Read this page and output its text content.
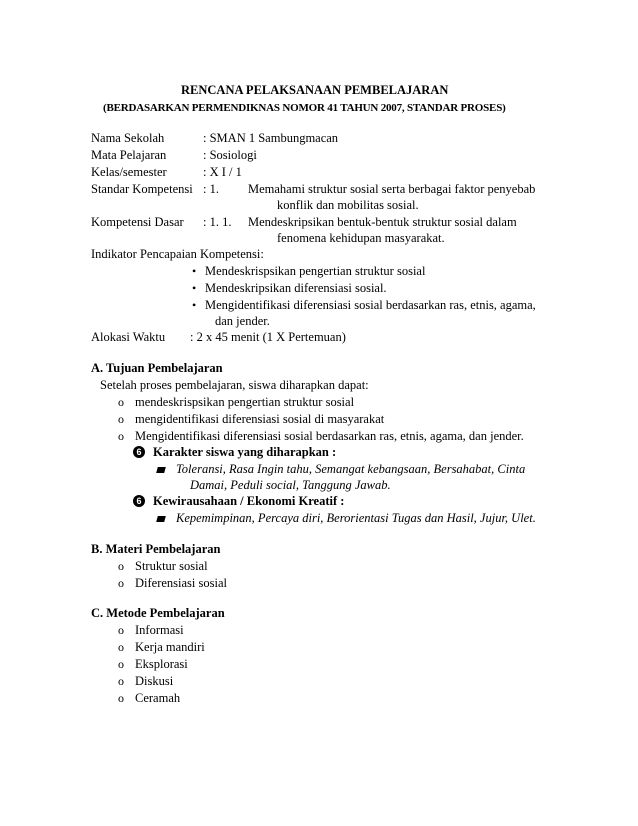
RENCANA PELAKSANAAN PEMBELAJARAN
(BERDASARKAN PERMENDIKNAS NOMOR 41 TAHUN 2007, STANDAR PROSES)
Nama Sekolah	: SMAN 1 Sambungmacan
Mata Pelajaran	: Sosiologi
Kelas/semester	: X I / 1
Standar Kompetensi : 1. Memahami struktur sosial serta berbagai faktor penyebab
konflik dan mobilitas sosial.
Kompetensi Dasar : 1. 1. Mendeskripsikan bentuk-bentuk struktur sosial dalam
fenomena kehidupan masyarakat.
Indikator Pencapaian Kompetensi:
• Mendeskrispsikan pengertian struktur sosial
• Mendeskripsikan diferensiasi sosial.
• Mengidentifikasi diferensiasi sosial berdasarkan ras, etnis, agama,
dan jender.
Alokasi Waktu : 2 x 45 menit (1 X Pertemuan)
A. Tujuan Pembelajaran
Setelah proses pembelajaran, siswa diharapkan dapat:
o mendeskrispsikan pengertian struktur sosial
o mengidentifikasi diferensiasi sosial di masyarakat
o Mengidentifikasi diferensiasi sosial berdasarkan ras, etnis, agama, dan jender.
6 Karakter siswa yang diharapkan :
Toleransi, Rasa Ingin tahu, Semangat kebangsaan, Bersahabat, Cinta
Damai, Peduli social, Tanggung Jawab.
6 Kewirausahaan / Ekonomi Kreatif :
Kepemimpinan, Percaya diri, Berorientasi Tugas dan Hasil, Jujur, Ulet.
B. Materi Pembelajaran
o Struktur sosial
o Diferensiasi sosial
C. Metode Pembelajaran
o Informasi
o Kerja mandiri
o Eksplorasi
o Diskusi
o Ceramah
